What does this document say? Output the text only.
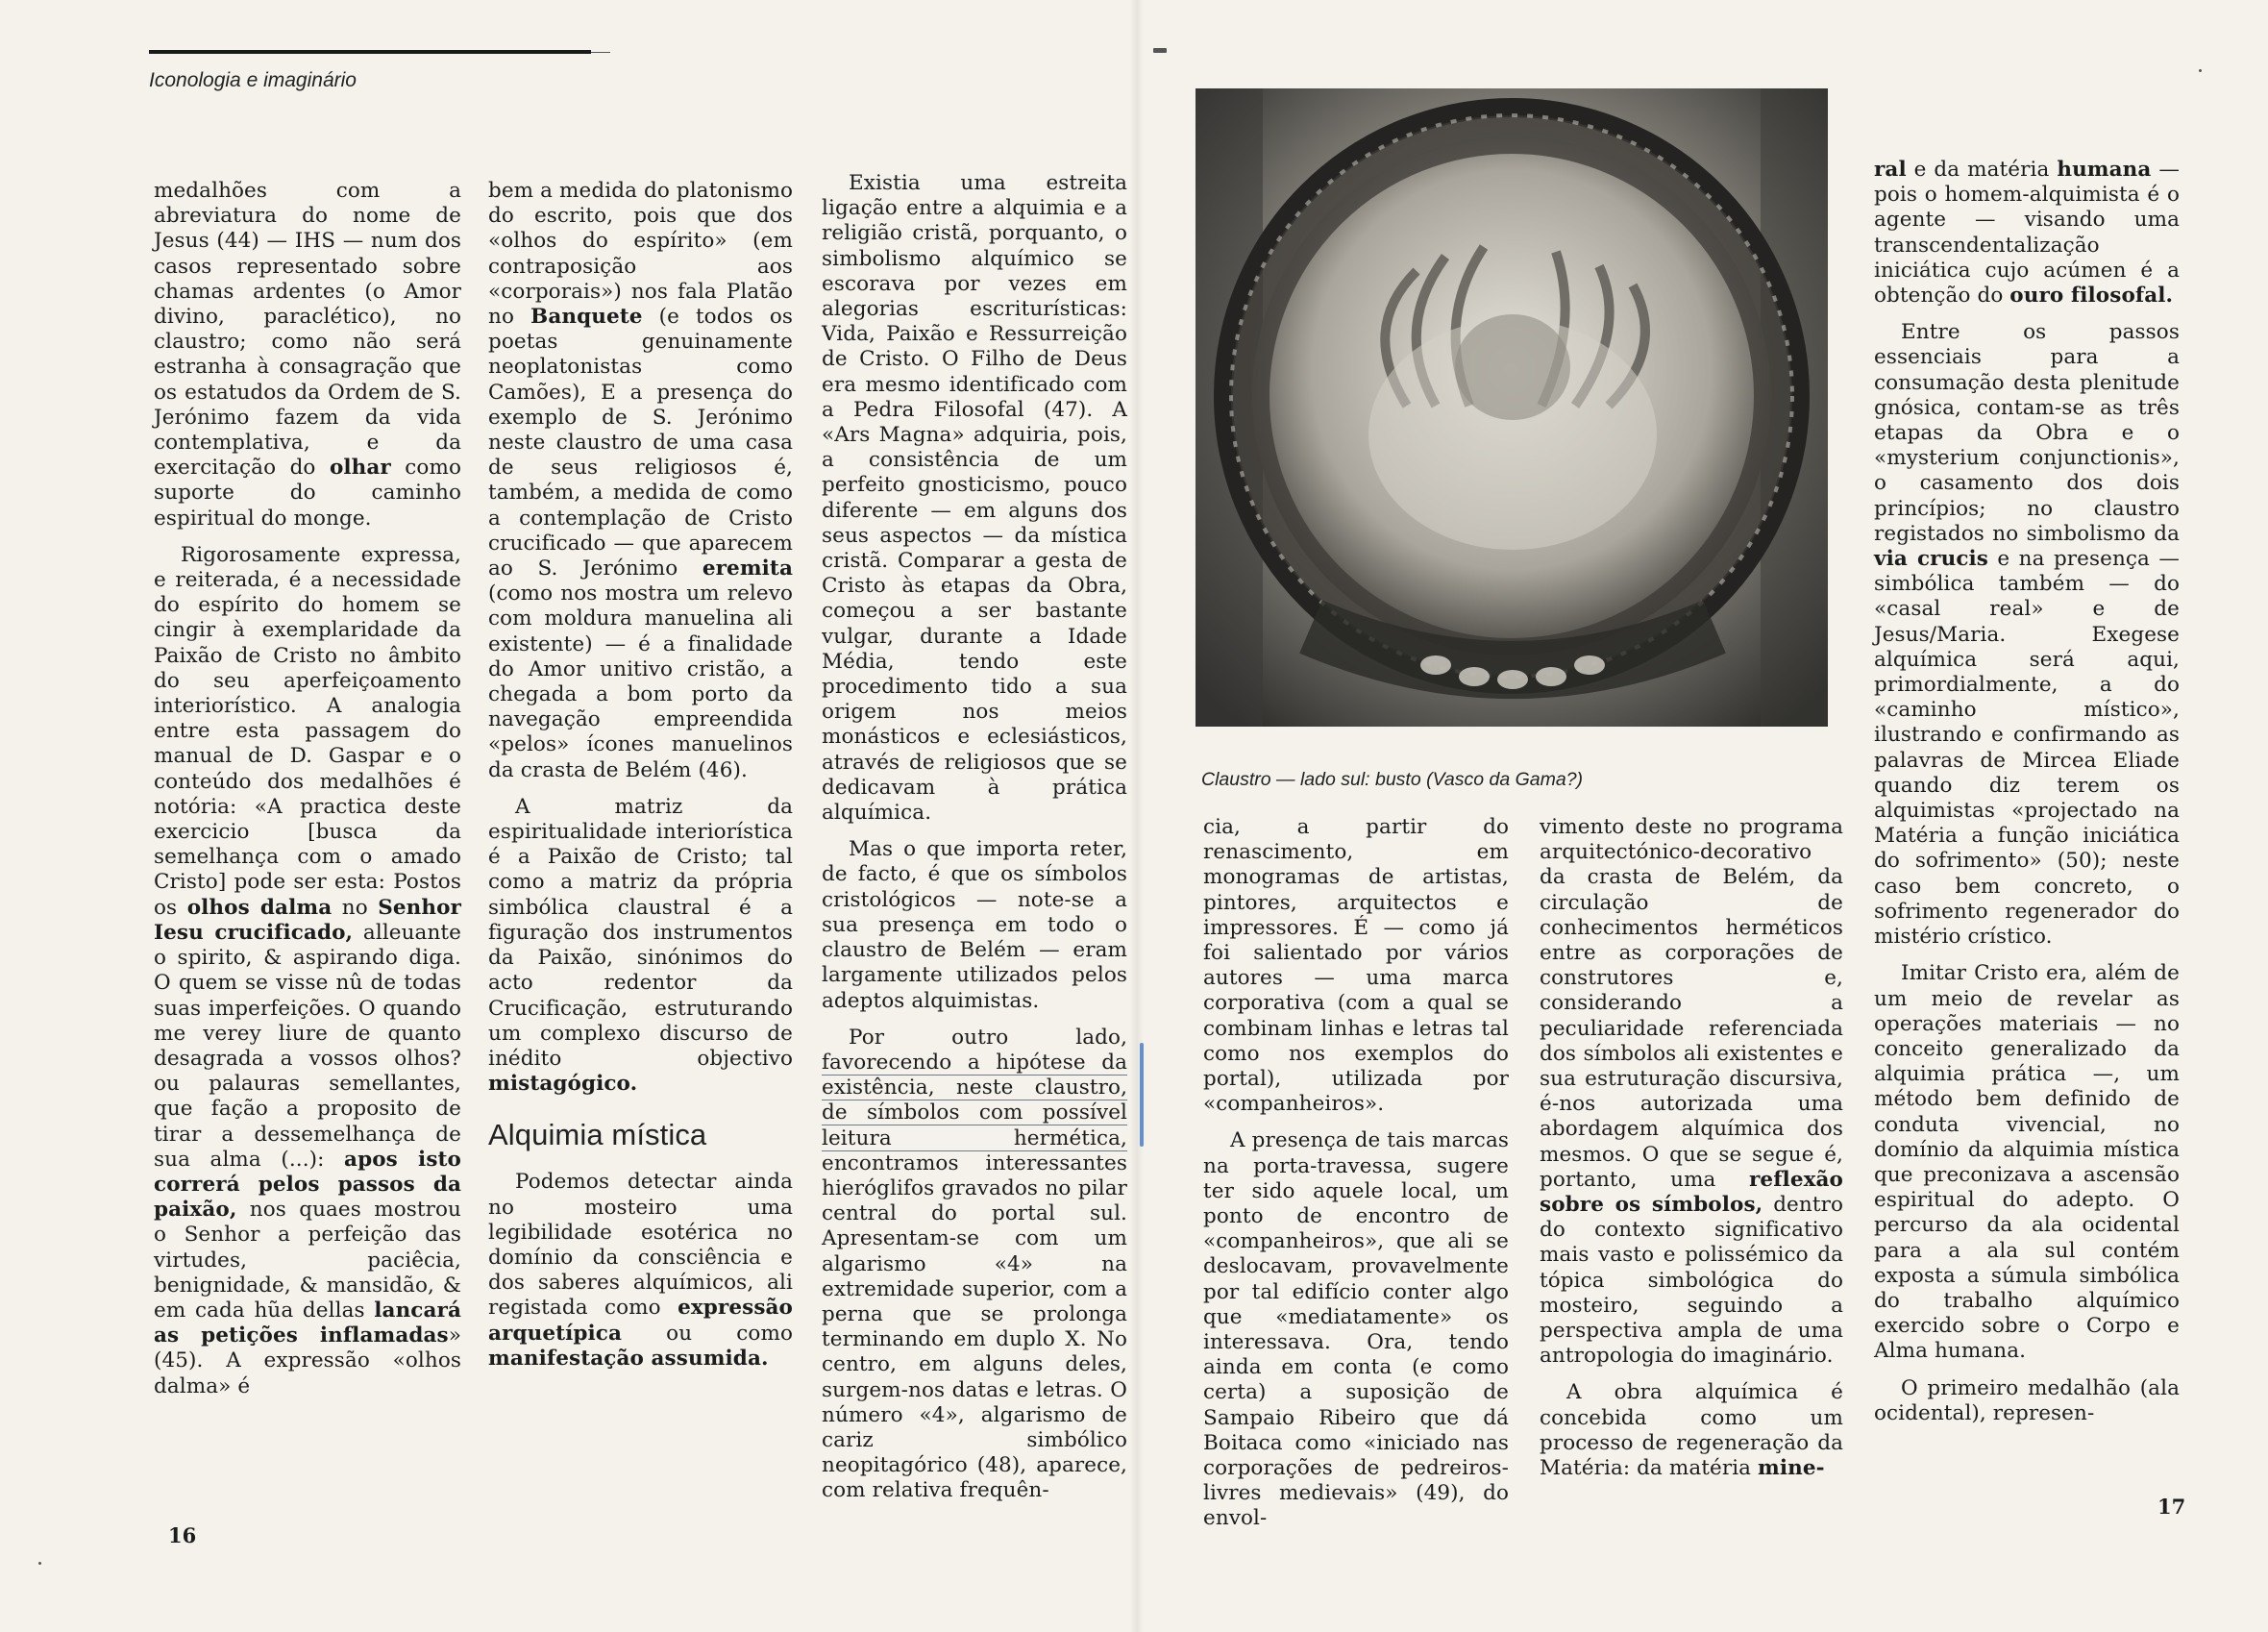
Iconologia e imaginário

medalhões com a abreviatura do nome de Jesus (44) — IHS — num dos casos representado sobre chamas ardentes (o Amor divino, paraclético), no claustro; como não será estranha à consagração que os estatudos da Ordem de S. Jerónimo fazem da vida contemplativa, e da exercitação do olhar como suporte do caminho espiritual do monge.

Rigorosamente expressa, e reiterada, é a necessidade do espírito do homem se cingir à exemplaridade da Paixão de Cristo no âmbito do seu aperfeiçoamento interiorístico. A analogia entre esta passagem do manual de D. Gaspar e o conteúdo dos medalhões é notória: «A practica deste exercicio [busca da semelhança com o amado Cristo] pode ser esta: Postos os olhos dalma no Senhor Iesu crucificado, alleuante o spirito, & aspirando diga. O quem se visse nû de todas suas imperfeições. O quando me verey liure de quanto desagrada a vossos olhos? ou palauras semellantes, que fação a proposito de tirar a dessemelhança de sua alma (...): apos isto correrá pelos passos da paixão, nos quaes mostrou o Senhor a perfeição das virtudes, paciêcia, benignidade, & mansidão, & em cada hũa dellas lancará as petições inflamadas» (45). A expressão «olhos dalma» é

bem a medida do platonismo do escrito, pois que dos «olhos do espírito» (em contraposição aos «corporais») nos fala Platão no Banquete (e todos os poetas genuinamente neoplatonistas como Camões), E a presença do exemplo de S. Jerónimo neste claustro de uma casa de seus religiosos é, também, a medida de como a contemplação de Cristo crucificado — que aparecem ao S. Jerónimo eremita (como nos mostra um relevo com moldura manuelina ali existente) — é a finalidade do Amor unitivo cristão, a chegada a bom porto da navegação empreendida «pelos» ícones manuelinos da crasta de Belém (46).

A matriz da espiritualidade interiorística é a Paixão de Cristo; tal como a matriz da própria simbólica claustral é a figuração dos instrumentos da Paixão, sinónimos do acto redentor da Crucificação, estruturando um complexo discurso de inédito objectivo mistagógico.

Alquimia mística

Podemos detectar ainda no mosteiro uma legibilidade esotérica no domínio da consciência e dos saberes alquímicos, ali registada como expressão arquetípica ou como manifestação assumida.

Existia uma estreita ligação entre a alquimia e a religião cristã, porquanto, o simbolismo alquímico se escorava por vezes em alegorias escriturísticas: Vida, Paixão e Ressurreição de Cristo. O Filho de Deus era mesmo identificado com a Pedra Filosofal (47). A «Ars Magna» adquiria, pois, a consistência de um perfeito gnosticismo, pouco diferente — em alguns dos seus aspectos — da mística cristã. Comparar a gesta de Cristo às etapas da Obra, começou a ser bastante vulgar, durante a Idade Média, tendo este procedimento tido a sua origem nos meios monásticos e eclesiásticos, através de religiosos que se dedicavam à prática alquímica.

Mas o que importa reter, de facto, é que os símbolos cristológicos — note-se a sua presença em todo o claustro de Belém — eram largamente utilizados pelos adeptos alquimistas.

Por outro lado, favorecendo a hipótese da existência, neste claustro, de símbolos com possível leitura hermética, encontramos interessantes hieróglifos gravados no pilar central do portal sul. Apresentam-se com um algarismo «4» na extremidade superior, com a perna que se prolonga terminando em duplo X. No centro, em alguns deles, surgem-nos datas e letras. O número «4», algarismo de cariz simbólico neopitagórico (48), aparece, com relativa frequên-

16
Claustro — lado sul: busto (Vasco da Gama?)

cia, a partir do renascimento, em monogramas de artistas, pintores, arquitectos e impressores. É — como já foi salientado por vários autores — uma marca corporativa (com a qual se combinam linhas e letras tal como nos exemplos do portal), utilizada por «companheiros».

A presença de tais marcas na porta-travessa, sugere ter sido aquele local, um ponto de encontro de «companheiros», que ali se deslocavam, provavelmente por tal edifício conter algo que «mediatamente» os interessava. Ora, tendo ainda em conta (e como certa) a suposição de Sampaio Ribeiro que dá Boitaca como «iniciado nas corporações de pedreiros-livres medievais» (49), do envol-

vimento deste no programa arquitectónico-decorativo da crasta de Belém, da circulação de conhecimentos herméticos entre as corporações de construtores e, considerando a peculiaridade referenciada dos símbolos ali existentes e sua estruturação discursiva, é-nos autorizada uma abordagem alquímica dos mesmos. O que se segue é, portanto, uma reflexão sobre os símbolos, dentro do contexto significativo mais vasto e polissémico da tópica simbológica do mosteiro, seguindo a perspectiva ampla de uma antropologia do imaginário.

A obra alquímica é concebida como um processo de regeneração da Matéria: da matéria mine-

ral e da matéria humana — pois o homem-alquimista é o agente — visando uma transcendentalização iniciática cujo acúmen é a obtenção do ouro filosofal.

Entre os passos essenciais para a consumação desta plenitude gnósica, contam-se as três etapas da Obra e o «mysterium conjunctionis», o casamento dos dois princípios; no claustro registados no simbolismo da via crucis e na presença — simbólica também — do «casal real» e de Jesus/Maria. Exegese alquímica será aqui, primordialmente, a do «caminho místico», ilustrando e confirmando as palavras de Mircea Eliade quando diz terem os alquimistas «projectado na Matéria a função iniciática do sofrimento» (50); neste caso bem concreto, o sofrimento regenerador do mistério crístico.

Imitar Cristo era, além de um meio de revelar as operações materiais — no conceito generalizado da alquimia prática —, um método bem definido de conduta vivencial, no domínio da alquimia mística que preconizava a ascensão espiritual do adepto. O percurso da ala ocidental para a ala sul contém exposta a súmula simbólica do trabalho alquímico exercido sobre o Corpo e Alma humana.

O primeiro medalhão (ala ocidental), represen-

17
